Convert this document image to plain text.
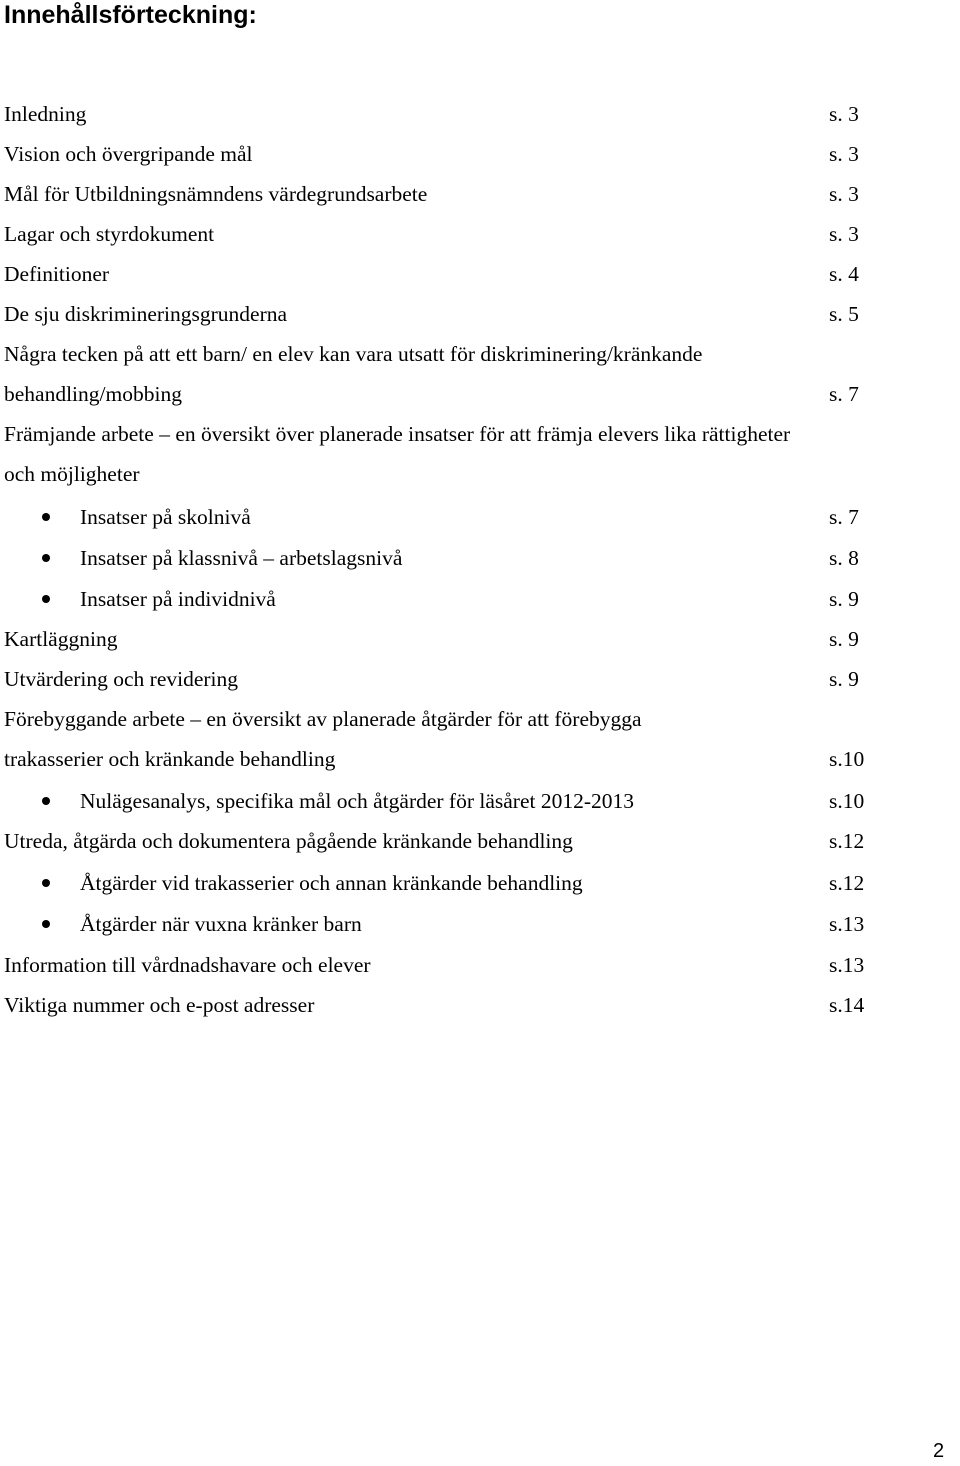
Innehållsförteckning:
Inledning	s. 3
Vision och övergripande mål	s. 3
Mål för Utbildningsnämndens värdegrundsarbete	s. 3
Lagar och styrdokument	s. 3
Definitioner	s. 4
De sju diskrimineringsgrunderna	s. 5
Några tecken på att ett barn/ en elev kan vara utsatt för diskriminering/kränkande
behandling/mobbing	s. 7
Främjande arbete – en översikt över planerade insatser för att främja elevers lika rättigheter
och möjligheter
Insatser på skolnivå	s. 7
Insatser på klassnivå – arbetslagsnivå	s. 8
Insatser på individnivå	s. 9
Kartläggning	s. 9
Utvärdering och revidering	s. 9
Förebyggande arbete – en översikt av planerade åtgärder för att förebygga
trakasserier och kränkande behandling	s.10
Nulägesanalys, specifika mål och åtgärder för läsåret 2012-2013	s.10
Utreda, åtgärda och dokumentera pågående kränkande behandling	s.12
Åtgärder vid trakasserier och annan kränkande behandling	s.12
Åtgärder när vuxna kränker barn	s.13
Information till vårdnadshavare och elever	s.13
Viktiga nummer och e-post adresser	s.14
2
